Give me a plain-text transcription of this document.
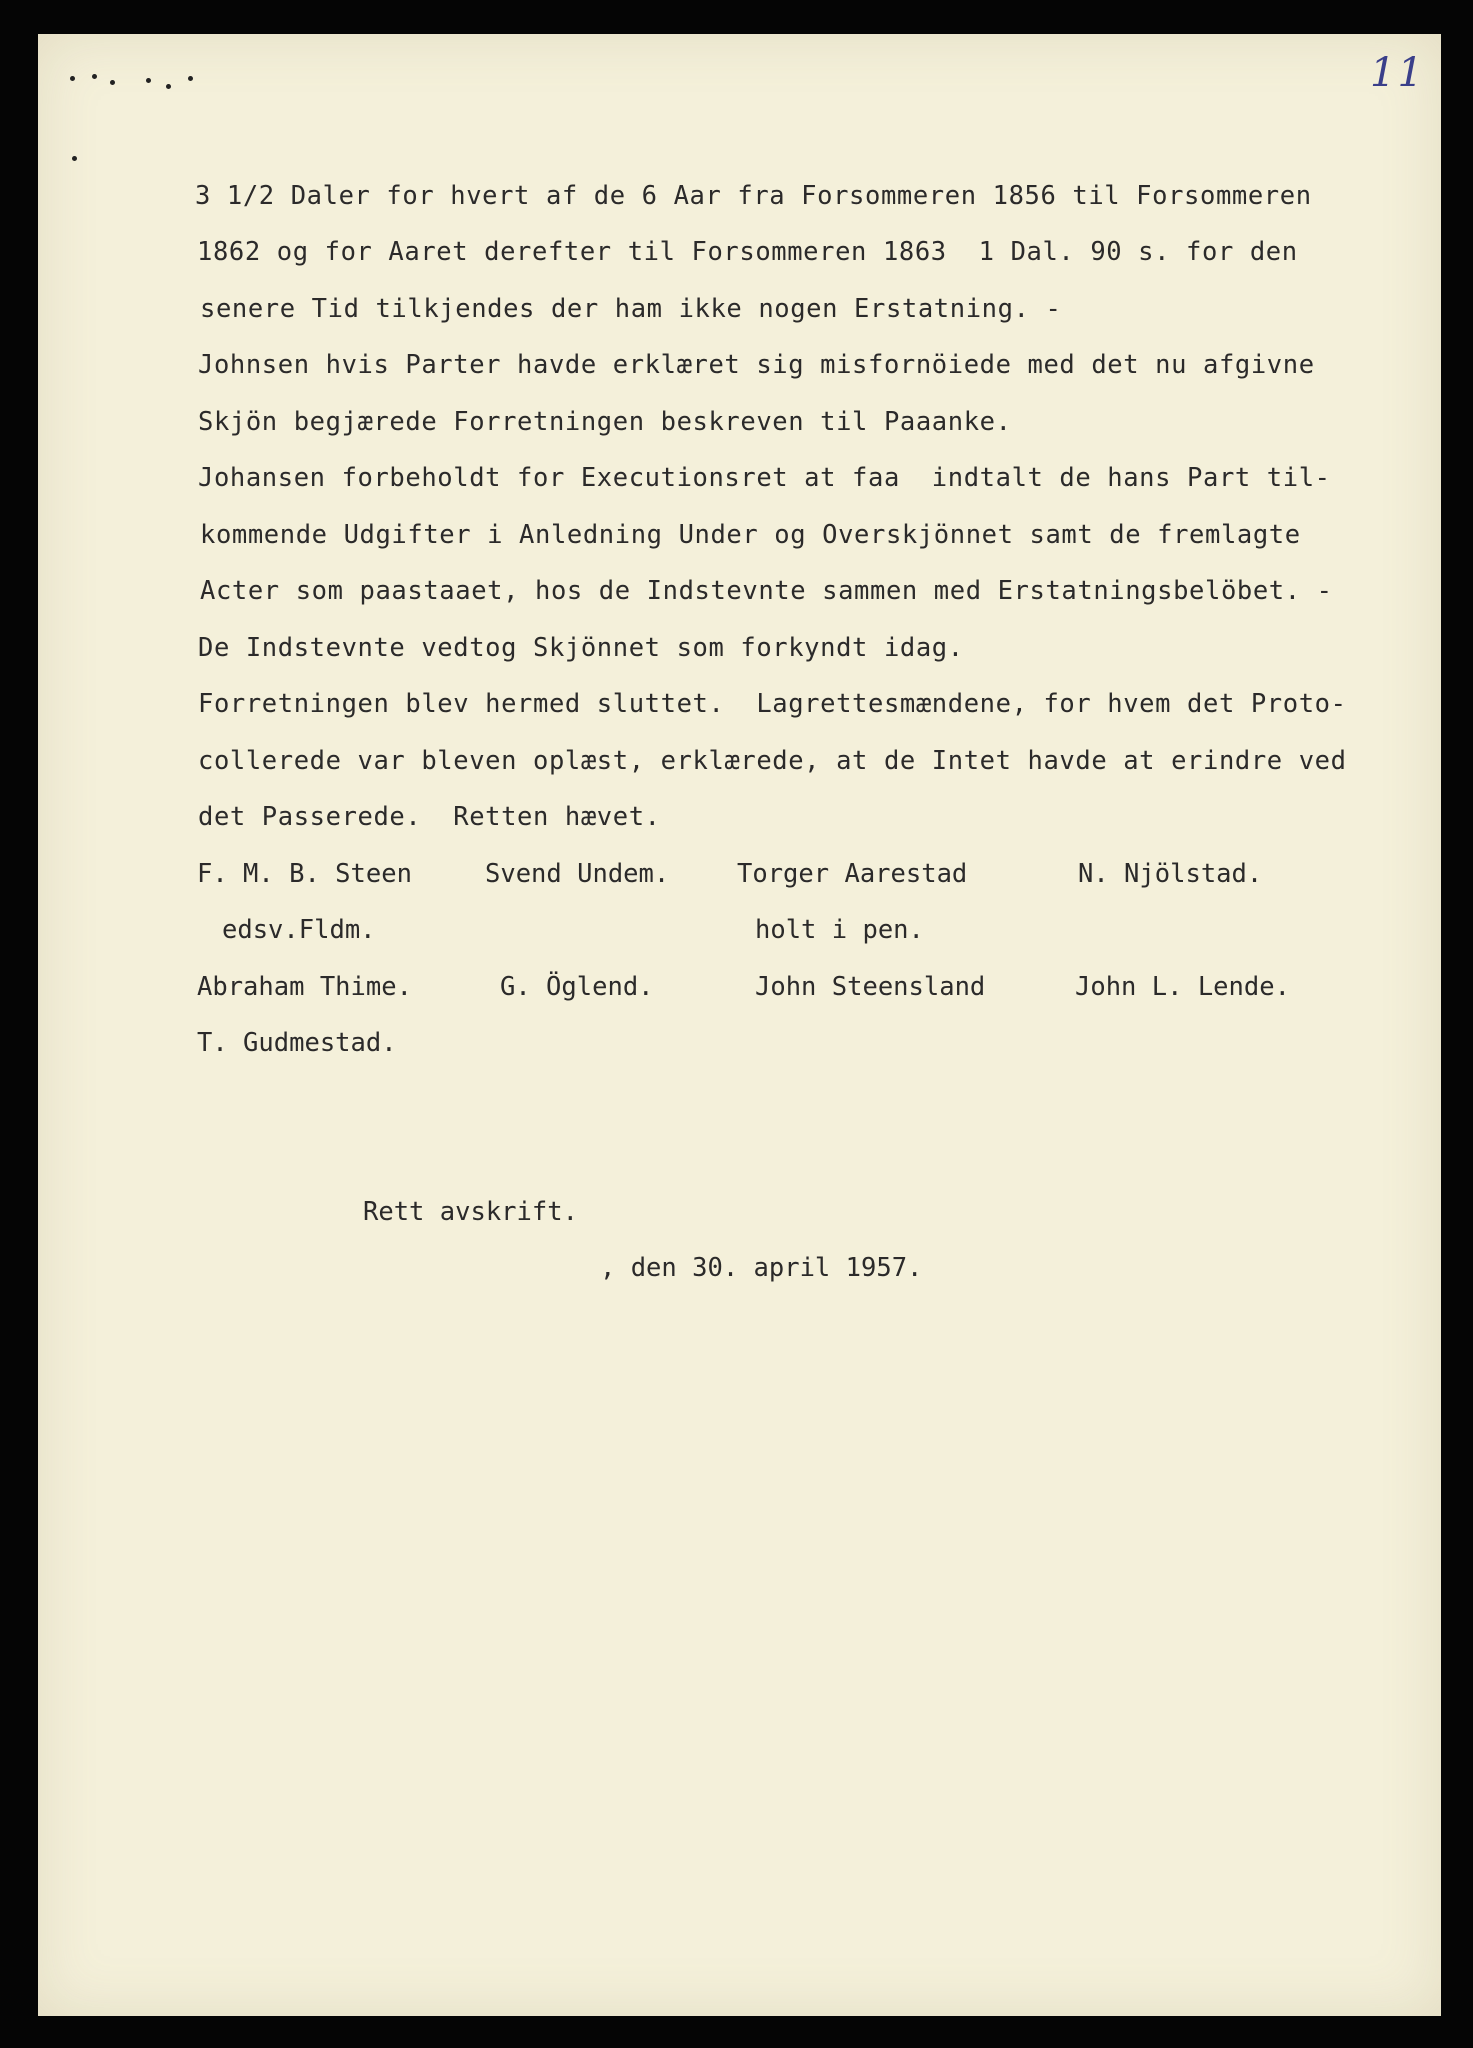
11
3 1/2 Daler for hvert af de 6 Aar fra Forsommeren 1856 til Forsommeren
1862 og for Aaret derefter til Forsommeren 1863  1 Dal. 90 s. for den
senere Tid tilkjendes der ham ikke nogen Erstatning. -
Johnsen hvis Parter havde erklæret sig misfornöiede med det nu afgivne
Skjön begjærede Forretningen beskreven til Paaanke.
Johansen forbeholdt for Executionsret at faa  indtalt de hans Part til-
kommende Udgifter i Anledning Under og Overskjönnet samt de fremlagte
Acter som paastaaet, hos de Indstevnte sammen med Erstatningsbelöbet. -
De Indstevnte vedtog Skjönnet som forkyndt idag.
Forretningen blev hermed sluttet.  Lagrettesmændene, for hvem det Proto-
collerede var bleven oplæst, erklærede, at de Intet havde at erindre ved
det Passerede.  Retten hævet.
F. M. B. Steen	Svend Undem.	Torger Aarestad	N. Njölstad.
edsv.Fldm.	holt i pen.
Abraham Thime.	G. Öglend.	John Steensland	John L. Lende.
T. Gudmestad.
Rett avskrift.
, den 30. april 1957.
